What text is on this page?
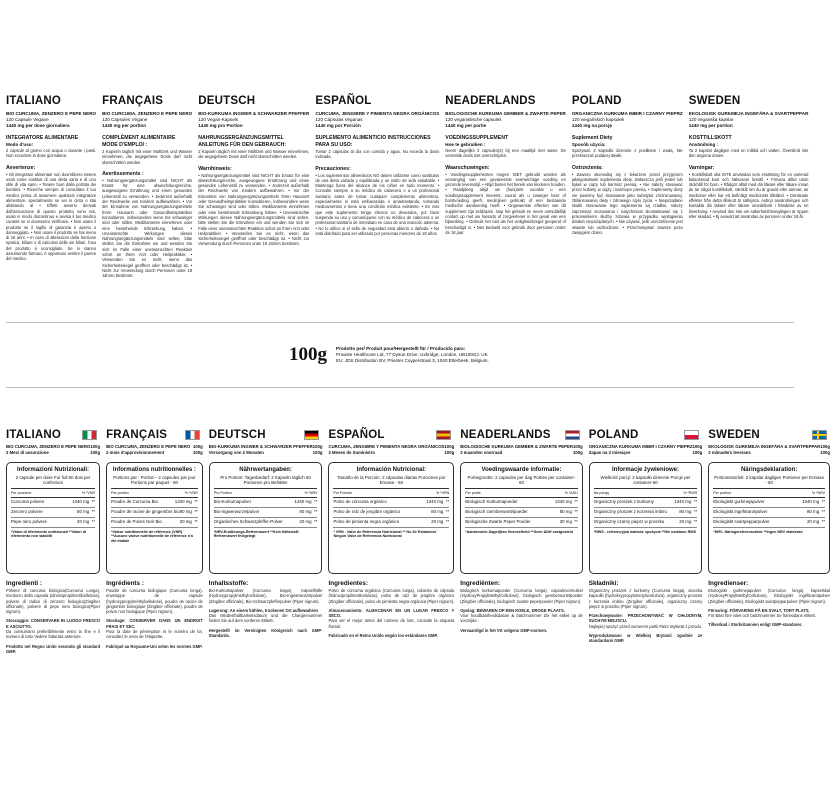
ITALIANO
BIO CURCUMA, ZENZERO E PEPE NERO
120 Capsule Vegane
1440 mg per dose giornaliera
INTEGRATORE ALIMENTARE
Modo d'uso:
2 capsule al giorno con acqua o durante i pasti. Non eccedere la dose giornaliera.
Avvertenze:
• Gli integratori alimentari non dovrebbero essere usati come sostituti di una dieta varia e di uno stile di vita sano. • Tenere fuori dalla portata dei bambini. • Ricerche sempre di consultare il tuo medico prima di assumere qualsiasi integratore alimentare, specialmente se sei in cinta o stai allattando al • Effetti avversi derivati dall'assunzione di questo prodotto sono rari, usalo in modo discontinuo e avvisa il tuo medico curante se si dovessero verificare. • Non usare il prodotto se il sigillo di garanzia è aperto o danneggiato. • Non usare il prodotto se hai meno di 18 anni. • In caso di alterazioni della funzione epatica, biliare o di calcolosi delle vie biliari, l'uso del prodotto è sconsigliato. Se si stanno assumendo farmaci, è opportuno sentire il parere del medico.
FRANÇAIS
BIO CURCUMA, ZENZERO E PEPE NERO
120 Capsules Végane
1440 mg per portion
COMPLÉMENT ALIMENTAIRE MODE D'EMPLOI :
2 Kapseln täglich mit einer Mahlzeit und Wasser einnehmen, die angegebene Dosis darf nicht überschritten werden.
Avertissements :
• Nahrungsergänzungsmittel sind NICHT als Ersatz für eine abwechslungsreiche, ausgewogene Ernährung und einen gesunden Lebensstil zu verwenden. • Jederzeit außerhalb der Reichweite von Kindern aufbewahren. • Vor der Einnahme von Nahrungsergänzungsmitteln Ihren Hausarzt oder Gesundheitspraktiker konsultieren, insbesondere wenn Sie schwanger sind oder stillen. Medikamente einnehmen oder eine bestehende Erkrankung haben. • Unerwünschte Wirkungen dieses Nahrungsergänzungsmittels sind selten, bitte stellen Sie die Einnahme ein und wenden Sie sich im Falle einer unerwünschten Reaktion sofort an Ihren Arzt oder Heilpraktiker. • Verwenden Sie es nicht, wenn das Sicherheitssiegel geöffnet oder beschädigt ist. • Nicht zur Verwendung durch Personen unter 18 Jahren bestimmt.
DEUTSCH
BIO-KURKUMA INGWER & SCHWARZER PFEFFER
120 Vegan-Kapseln
1440 mg pro Portion
NAHRUNGSERGÄNZUNGSMITTEL ANLEITUNG FÜR DEN GEBRAUCH:
2 Kapseln täglich mit einer Mahlzeit und Wasser einnehmen, die angegebene Dosis darf nicht überschritten werden.
Warnhinweis:
• Nahrungsergänzungsmittel sind NICHT als Ersatz für eine abwechslungsreiche, ausgewogene Ernährung und einen gesunden Lebensstil zu verwenden. • Jederzeit außerhalb der Reichweite von Kindern aufbewahren. • Vor der Einnahme von Nahrungsergänzungsmitteln Ihren Hausarzt oder Gesundheitspraktiker konsultieren, insbesondere wenn Sie schwanger sind oder stillen. Medikamente einnehmen oder eine bestehende Erkrankung haben. • Unerwünschte Wirkungen dieses Nahrungsergänzungsmittels sind selten, bitte stellen Sie die Einnahme ein und wenden Sie sich im Falle einer unerwünschten Reaktion sofort an Ihren Arzt oder Heilpraktiker. • Verwenden Sie es nicht, wenn das Sicherheitssiegel geöffnet oder beschädigt ist. • Nicht zur Verwendung durch Personen unter 18 Jahren bestimmt.
ESPAÑOL
CURCUMA, JENGIBRE Y PIMIENTA NEGRA ORGÁNICOS
120 Cápsulas Veganas
1440 mg por Porción
SUPLEMENTO ALIMENTICIO INSTRUCCIONES PARA SU USO:
Tomar 2 cápsulas al día con comida y agua. No exceda la dosis indicada.
Precauciones:
• Los suplementos alimenticios NO deben utilizarse como sustitutos de una dieta variada y equilibrada y un estilo de vida saludable. • Mantenga fuera del alcance de los niños en todo momento. • Consulte siempre a su médico de cabecera o a un profesional sanitario antes de tomar cualquier complemento alimenticio, especialmente si está embarazada o amamantando, tomando medicamentos o tiene una condición médica existente. • Es raro que este suplemento tenga efectos no deseados, por favor suspenda su uso y comuníquese con su médico de cabecera o un profesional sanitario de inmediato en caso de una reacción adversa. • No lo utilice si el sello de seguridad está abierto o dañado. • No está diseñado para ser utilizado por personas menores de 18 años.
NEADERLANDS
BIOLOGISCHE KURKUMA GEMBER & ZWARTE PEPER
120 veganistische capsules
1440 mg per portie
VOEDINGSSUPPLEMENT
Hoe te gebruiken :
Neem dagelijks 2 capsules(2) bij een maaltijd met water. De vermelde dosis niet overschrijden.
Waarschuwingen:
• Voedingssupplementen mogen NIET gebruikt worden als vervanging van een gevarieerde evenwichtige voeding en gezonde levensstijl. • Altijd buiten het bereik van kinderen houden. • Raadpleeg altijd uw (huis)arts voordat u een voedingssupplement inneemt, vooral als u zwanger bent of borstvoeding geeft, medicijnen gebruikt of een bestaande medische aandoening heeft. • Ongewenste effecten van dit supplement zijn zeldzaam, stop het gebruik en neem onmiddellijk contact op met uw huisarts of zorgverlener in het geval van een bijwerking. • Gebruik het niet als het veiligheidszegel geopend of beschadigd is. • Niet bedoeld voor gebruik door personen onder de 18 jaar.
POLAND
ORGANICZNA KURKUMA IMBIR I CZARNY PIEPRZ
120 wegańskich kapsułek
1440 mg na porcję
Suplement Diety
Sposób użycia:
Spożywać 2 kapsułki dziennie z posiłkiem i wodą. Nie przekraczać podanej dawki.
Ostrzeżenia:
• Zawsze skonsultuj się z lekarzem przed przyjęciem jakiegokolwiek suplementu diety. Zwłaszcza jeśli jesteś lub byłaś w ciąży lub karmisz piersią. • Nie należy stosować przez kobiety w ciąży i karmiące piersią. • Suplementy diety nie powinny być stosowane jako substytut zróżnicowanej, zbilansowanej diety i zdrowego stylu życia. • Niepożądane skutki stosowania tego suplementu są rzadkie, należy zaprzestać stosowania i natychmiast skontaktować się z pracownikiem służby zdrowia w przypadku wystąpienia działań niepożądanych. • Nie używać, jeśli uszczelnienie jest otwarte lub uszkodzone. • Przechowywać zawsze poza zasięgiem dzieci.
SWEDEN
EKOLOGISK GURKMEJA INGEFÄRA & SVARTPEPPAR
120 veganska kapslar
1440 mg per portion
KOSTTILLSKOTT
Användning :
Ta 2 kapslar dagligen med en måltid och vatten. Överskrid inte den angivna dosen.
Varningar:
• Kosttillskott ska INTE användas som ersättning för en varierad balanserad kost och hälsosam livsstil. • Förvara alltid utom räckhåll för barn. • Rådgör alltid med din läkare eller läkare innan du tar något kosttillskott, särskilt om du är gravid eller ammar, tar mediciner eller har ett befintligt medicinskt tillstånd. • Oönskade effekter från detta tillskott är sällsynta. Avbryt användningen och kontakta din läkare eller läkare omedelbart i händelse av en biverkning. • Använd den inte om säkerhetsförseglingen är öppen eller skadad. • Ej avsedd att användas av personer under 18 år.
100g	Prodotto per/ Produit pour/Hergestellt für / Producido para:
Prowise Healthcare Ltd, 77 Dyson Drive, Uxbridge, London, UB100GJ. UK
EU: JDS Distribution BV, Priester Cuyperstraat 3, 1040 Etterbeek, Belgium.
ITALIANO
BIO CURCUMA, ZENZERO E PEPE NERO 100g
2 Mesi di assunzione	100g
Informazioni Nutrizionali:
2 capsule per dose For full 60 dosi per confezioni
Per porzione	% *VNR
Curcuma polvere	1340 mg **
Zenzero polvere	80 mg **
Pepe nero polvere	20 mg **
*Valori di riferimento nutrizionali **Valori di riferimento non stabiliti
Ingredienti :
Polvere di curcuma biologica(Curcuma Longa), Involucro della capsula (idrossipropilmetilcellulosa), polvere di radice di zenzero biologico(Zingiber officinale), polvere di pepe nero biologico(Piper nigrum).
Stoccaggio: CONSERVARE IN LUOGO FRESCO E ASCIUTTO.
Da consumarsi preferibilmente entro la fine e il numero di lotto Vedere fatturata anteriore.
Prodotto nel Regno Unito secondo gli standard GMP.
FRANÇAIS
BIO CURCUMA, ZENZERO E PEPE NERO 100g
2 mois d'approvisionnement	100g
Informations nutritionnelles :
Portions par : Portion - 2 capsules par jour Portions par paquet - 60
Par portion	% *VNR
Poudre de Curcuma Bio	1340 mg **
Poudre de racine de gingembre bio 80 mg **
Poudre de Poivre Noir Bio	20 mg **
*Valeur nutritionnelle de référence (VNR) **Aucune valeur nutritionnelle de référence n'a été établie
Ingrédients :
Poudre de curcuma biologique (Curcuma longa), enveloppe de capsule (hydroxypropylméthylcellulose), poudre de racine de gingembre biologique (Zingiber officinale), poudre de poivre noir biologique (Piper nigrum).
Stockage: CONSERVER DANS UN ENDROIT FRAIS ET SEC.
Pour la date de péremption et le numéro de lot, consultez le recto de l'étiquette.
Fabriqué au Royaume-Uni selon les normes GMP.
DEUTSCH
BIO-KURKUMA INGWER & SCHWARZER PFEFFER 100g
Versorgung von 2 Monaten	100g
Nährwertangaben:
Pro Portion: Tagesbedarf: 2 Kapseln täglich 60 Portionen pro Behälter
Pro Portion	% *NRV
Bio-Kurkumapulver	1340 mg **
Bio-Ingwerwurzelpulver	80 mg **
Organisches Schwarzpfeffer-Pulver	20 mg **
*NRV-Ernährungs-Referenzwert **Kein Nährstoff-Referenzwert festgelegt
Inhaltsstoffe:
Bio-Kurkumapulver (Curcuma longa), Kapselhülle (Hydroxypropylmethylcellulose), Bio-Ingwerwurzelpulver (Zingiber officinale), Bio-Schwarzpfefferpulver (Piper nigrum).
Lagerung: An einem kühlen, trockenen Ort aufbewahren
Das Mindesthaltbarkeitsdatum und die Chargennummer finden Sie auf dem vorderen Etikett.
Hergestellt im Vereinigten Königreich nach GMP-Standards.
ESPAÑOL
CURCUMA, JENGIBRE Y PIMIENTA NEGRA ORGÁNICOS 100g
2 Meses de Suministro	100g
Información Nutricional:
Tamaño de la Porción: 2 cápsulas diarias Porciones por Envase - 60
Por Porción	% *VRN
Polvo de cúrcuma orgánico	1340 mg **
Polvo de raíz de jengibre orgánico	80 mg **
Polvo de pimienta negra orgánica	20 mg **
* VRN - Valor de Referencia Nutricional ** No Se Estableció Ningún Valor de Referencia Nutricional
Ingredientes:
Polvo de cúrcuma orgánica (Curcuma longa), cubierta de cápsula (hidroxipropilmetilcelulosa), polvo de raíz de jengibre orgánico (Zingiber officinale), polvo de pimienta negra orgánica (Piper nigrum).
Almacenamiento: ALMACENAR EN UN LUGAR FRESCO Y SECO.
Para ver el mejor antes del número de lote, consulte la etiqueta frontal.
Fabricado en el Reino Unido según los estándares GMP.
NEADERLANDS
BIOLOGISCHE KURKUMA GEMBER & ZWARTE PEPER 100g
2 maanden voorraad	100g
Voedingswaarde informatie:
Portiegrootte: 2 capsules per dag Porties per container- 60
Per portie	% *ADH
Biologisch Kurkumapoeder	1340 mg **
Biologisch Gemberwortelpoeder	80 mg **
Biologische Zwarte Peper Poeder	20 mg **
*Aanbevolen Dagelijkse Hoeveelheid **Geen ADH vastgesteld
Ingrediënten:
Biologisch kurkumapoeder (Curcuma longa), capsulevormulsel (HydroxyPropylMethylCellulose), biologisch gemberwortelpoeder (Zingiber officinale), biologisch zwarte peperpoeder (Piper nigrum).
Opslag: BEWAREN OP EEN KOELE, DROGE PLAATS.
Voor houdbaarheidsdatum & batchnummer Zie het etiket op de voorzijde.
Vervaardigd in het VK volgens GMP-normen.
POLAND
ORGANICZNA KURKUMA IMBIR I CZARNY PIEPRZ 100g
Zapas na 2 miesiące	100g
Informacje żywieniowe:
Wielkość porcji: 2 kapsułki dziennie Porcje per container-60
Na porcję	% *RWS
Organiczny proszek z kurkumy	1340 mg **
Organiczny proszek z korzenia imbiru	80 mg **
Organiczny czarny pieprz w proszku	20 mg **
*RWS - referencyjna wartość spożycia **Nie ustalono RWS
Składniki:
Organiczny proszek z kurkumy (Curcuma longa), otoczka kapsułki (hydroksypropylometyloceluloza), organiczny proszek z korzenia imbiru (Zingiber officinale), organiczny czarny pieprz w proszku (Piper nigrum).
Przechowywanie: PRZECHOWYWAĆ W CHŁODNYM, SUCHYM MIEJSCU.
Najlepiej spożyć przed numerem partii Patrz etykieta z przodu.
Wyprodukowano w Wielkiej Brytanii zgodnie ze standardami GMP.
SWEDEN
EKOLOGISK GURKMEJA INGEFÄRA & SVARTPEPPAR 100g
2 månaders leverans	100g
Näringsdeklaration:
Portionsstorlek: 2 kapslar dagligen Portioner per Ennase - 60
Per portion	% *NRV
Ekologiskt gurkmejapulver	1340 mg **
Ekologiskt ingefärarotpulver	80 mg **
Ekologiskt svartpepparpulver	20 mg **
*NRV- Näringsreferensvärde **Ingen NRV etablerad
Ingredienser:
Ekologiskt gurkmejapulver (Curcuma longa), kapselskal (HydroxyPropylMethylCellulose), Ekologiskt ingefärarotpulver (Zingiber officinale), Ekologiskt svartpepparpulver (Piper nigrum).
Förvaring: FÖRVARING PÅ EN SVALT, TORT PLATS.
För Bäst före istiet och batchnummer Se framsidans etikett.
Tillverkad i Storbritannien enligt GMP-standarer.
